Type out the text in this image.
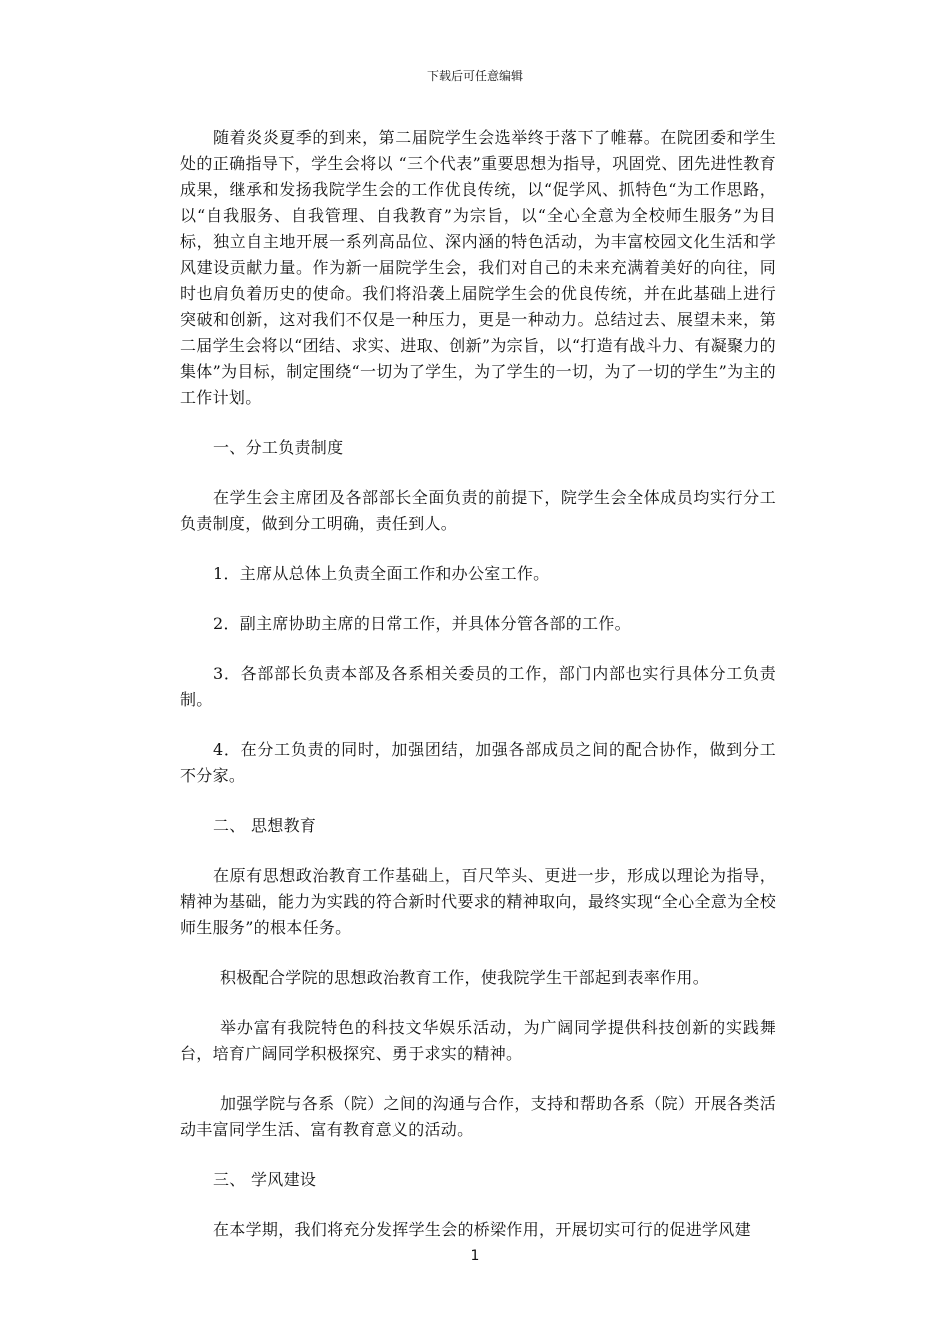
下载后可任意编辑

随着炎炎夏季的到来，第二届院学生会选举终于落下了帷幕。在院团委和学生处的正确指导下，学生会将以 “三个代表”重要思想为指导，巩固党、团先进性教育成果，继承和发扬我院学生会的工作优良传统，以“促学风、抓特色“为工作思路，以“自我服务、自我管理、自我教育”为宗旨，以“全心全意为全校师生服务”为目标，独立自主地开展一系列高品位、深内涵的特色活动，为丰富校园文化生活和学风建设贡献力量。作为新一届院学生会，我们对自己的未来充满着美好的向往，同时也肩负着历史的使命。我们将沿袭上届院学生会的优良传统，并在此基础上进行突破和创新，这对我们不仅是一种压力，更是一种动力。总结过去、展望未来，第二届学生会将以“团结、求实、进取、创新”为宗旨，以“打造有战斗力、有凝聚力的集体”为目标，制定围绕“一切为了学生，为了学生的一切，为了一切的学生”为主的工作计划。

一、分工负责制度

在学生会主席团及各部部长全面负责的前提下，院学生会全体成员均实行分工负责制度，做到分工明确，责任到人。

1．主席从总体上负责全面工作和办公室工作。

2．副主席协助主席的日常工作，并具体分管各部的工作。

3．各部部长负责本部及各系相关委员的工作，部门内部也实行具体分工负责制。

4．在分工负责的同时，加强团结，加强各部成员之间的配合协作，做到分工不分家。

二、 思想教育

在原有思想政治教育工作基础上，百尺竿头、更进一步，形成以理论为指导，精神为基础，能力为实践的符合新时代要求的精神取向，最终实现“全心全意为全校师生服务”的根本任务。

积极配合学院的思想政治教育工作，使我院学生干部起到表率作用。

举办富有我院特色的科技文华娱乐活动，为广阔同学提供科技创新的实践舞台，培育广阔同学积极探究、勇于求实的精神。

加强学院与各系（院）之间的沟通与合作，支持和帮助各系（院）开展各类活动丰富同学生活、富有教育意义的活动。

三、 学风建设

在本学期，我们将充分发挥学生会的桥梁作用，开展切实可行的促进学风建

1
